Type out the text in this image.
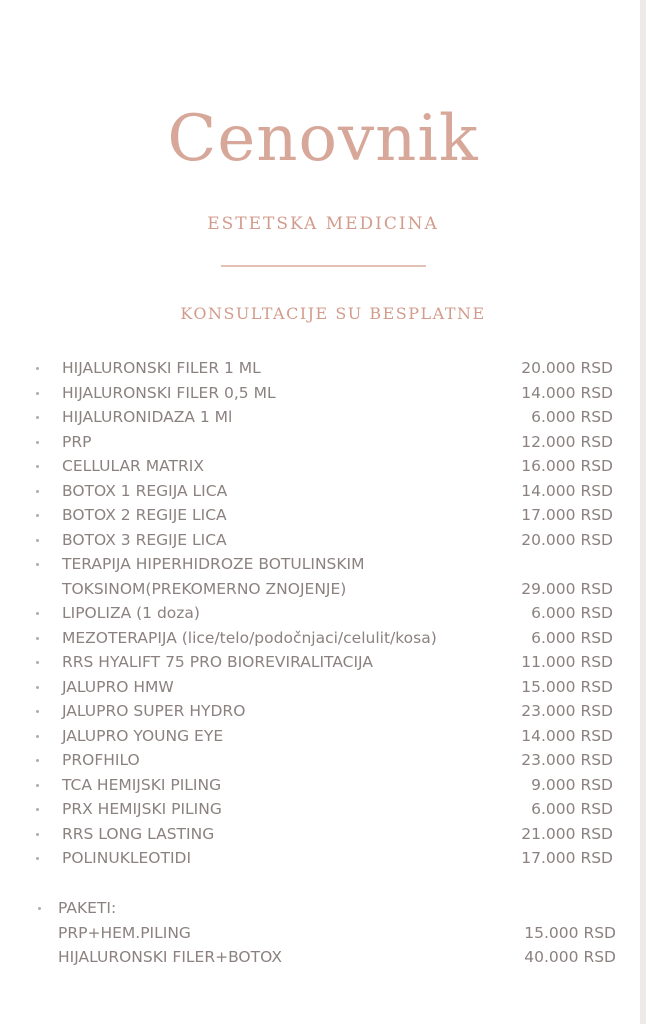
Cenovnik
ESTETSKA MEDICINA
KONSULTACIJE SU BESPLATNE
HIJALURONSKI FILER 1 ML	20.000 RSD
HIJALURONSKI FILER 0,5 ML	14.000 RSD
HIJALURONIDAZA 1 Ml	6.000 RSD
PRP	12.000 RSD
CELLULAR MATRIX	16.000 RSD
BOTOX 1 REGIJA LICA	14.000 RSD
BOTOX 2 REGIJE LICA	17.000 RSD
BOTOX 3 REGIJE LICA	20.000 RSD
TERAPIJA HIPERHIDROZE BOTULINSKIM
TOKSINOM(PREKOMERNO ZNOJENJE)	29.000 RSD
LIPOLIZA (1 doza)	6.000 RSD
MEZOTERAPIJA (lice/telo/podočnjaci/celulit/kosa)	6.000 RSD
RRS HYALIFT 75 PRO BIOREVIRALITACIJA	11.000 RSD
JALUPRO HMW	15.000 RSD
JALUPRO SUPER HYDRO	23.000 RSD
JALUPRO YOUNG EYE	14.000 RSD
PROFHILO	23.000 RSD
TCA HEMIJSKI PILING	9.000 RSD
PRX HEMIJSKI PILING	6.000 RSD
RRS LONG LASTING	21.000 RSD
POLINUKLEOTIDI	17.000 RSD
PAKETI:
PRP+HEM.PILING	15.000 RSD
HIJALURONSKI FILER+BOTOX	40.000 RSD
